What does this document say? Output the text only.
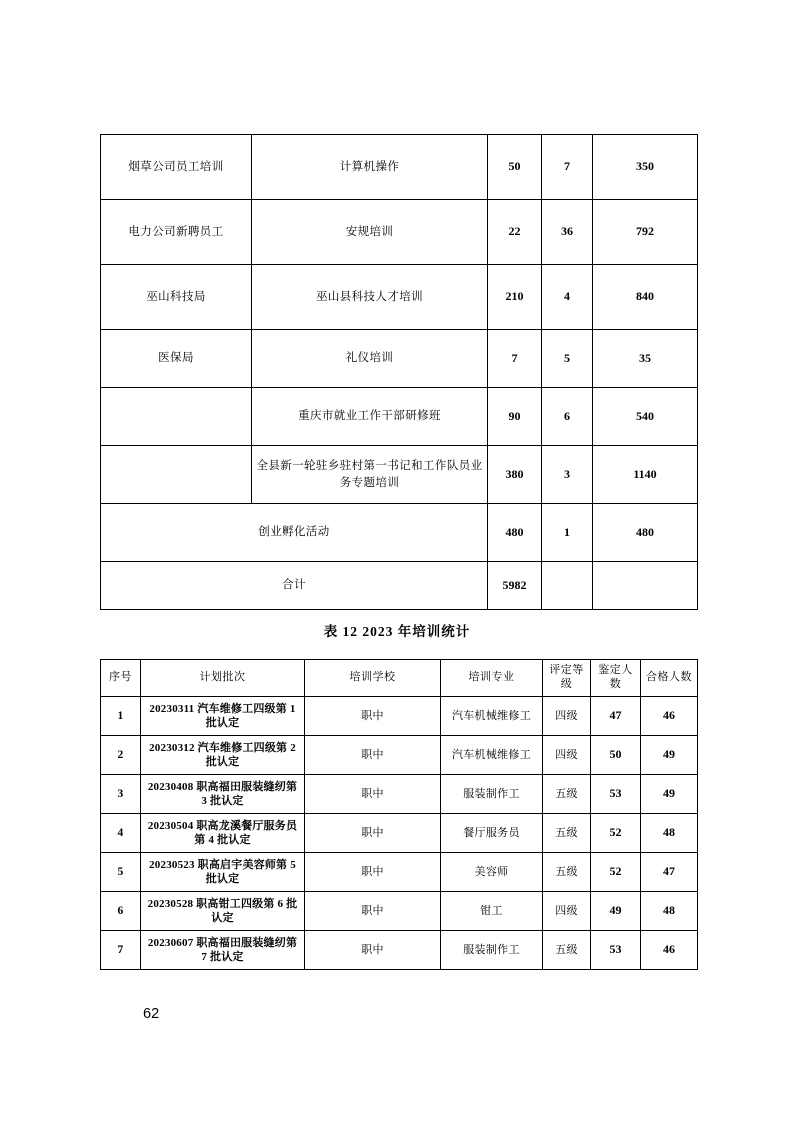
烟草公司员工培训	计算机操作	50	7	350
电力公司新聘员工	安规培训	22	36	792
巫山科技局	巫山县科技人才培训	210	4	840
医保局	礼仪培训	7	5	35
	重庆市就业工作干部研修班	90	6	540
	全县新一轮驻乡驻村第一书记和工作队员业务专题培训	380	3	1140
创业孵化活动		480	1	480
合计		5982		
表 12 2023 年培训统计
序号	计划批次	培训学校	培训专业	评定等级	鉴定人数	合格人数
1	20230311 汽车维修工四级第 1 批认定	职中	汽车机械维修工	四级	47	46
2	20230312 汽车维修工四级第 2 批认定	职中	汽车机械维修工	四级	50	49
3	20230408 职高福田服装缝纫第 3 批认定	职中	服装制作工	五级	53	49
4	20230504 职高龙溪餐厅服务员第 4 批认定	职中	餐厅服务员	五级	52	48
5	20230523 职高启宇美容师第 5 批认定	职中	美容师	五级	52	47
6	20230528 职高钳工四级第 6 批认定	职中	钳工	四级	49	48
7	20230607 职高福田服装缝纫第 7 批认定	职中	服装制作工	五级	53	46
62
